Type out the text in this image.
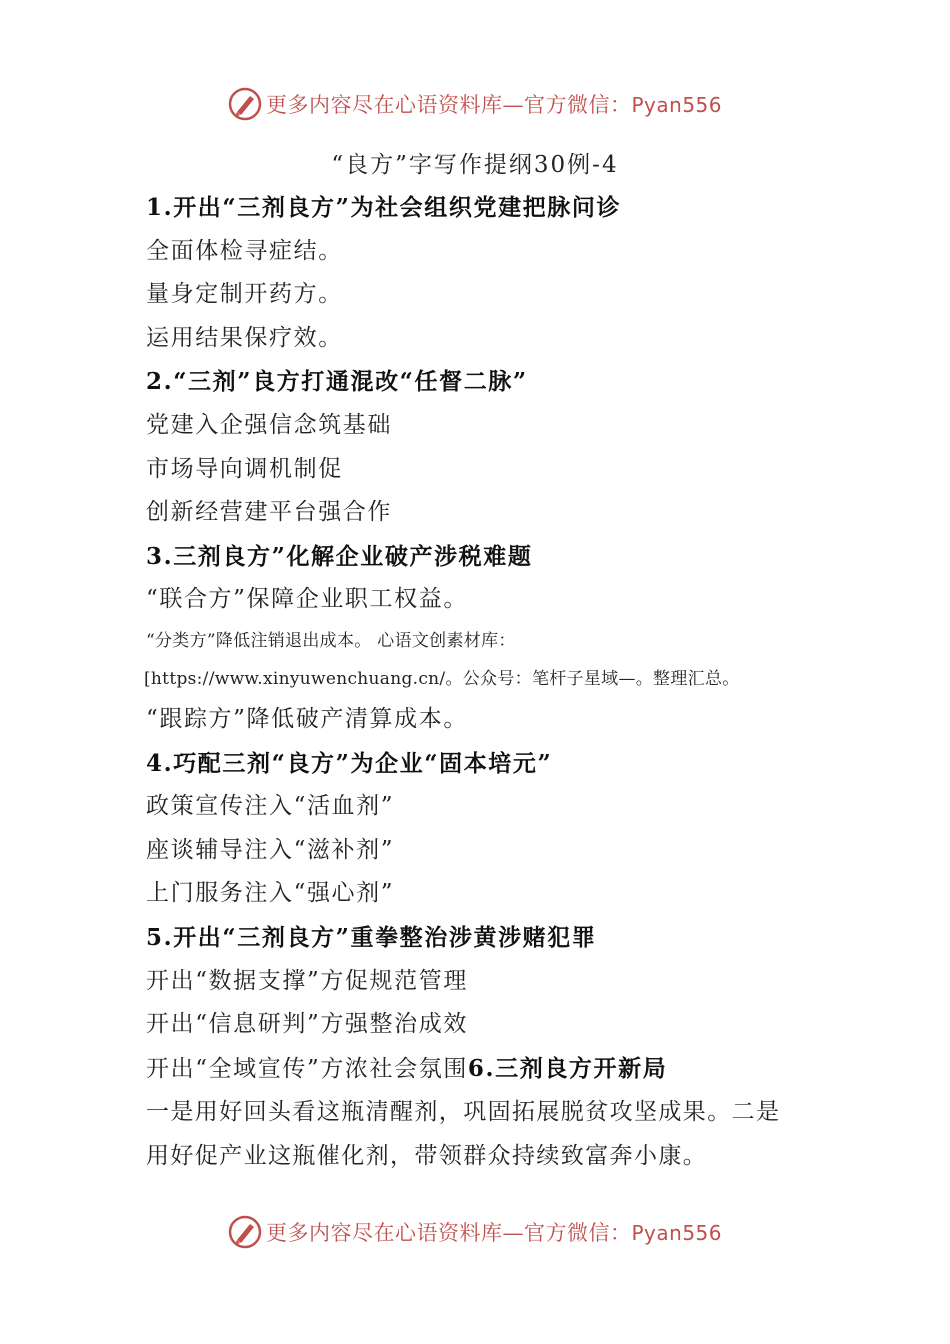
更多内容尽在心语资料库—官方微信：Pyan556
“良方”字写作提纲30例-4
1.开出“三剂良方”为社会组织党建把脉问诊
全面体检寻症结。
量身定制开药方。
运用结果保疗效。
2.“三剂”良方打通混改“任督二脉”
党建入企强信念筑基础
市场导向调机制促
创新经营建平台强合作
3.三剂良方”化解企业破产涉税难题
“联合方”保障企业职工权益。
“分类方”降低注销退出成本。 心语文创素材库：
[https://www.xinyuwenchuang.cn/。公众号：笔杆子星域—。整理汇总。
“跟踪方”降低破产清算成本。
4.巧配三剂“良方”为企业“固本培元”
政策宣传注入“活血剂”
座谈辅导注入“滋补剂”
上门服务注入“强心剂”
5.开出“三剂良方”重拳整治涉黄涉赌犯罪
开出“数据支撑”方促规范管理
开出“信息研判”方强整治成效
开出“全域宣传”方浓社会氛围6.三剂良方开新局
一是用好回头看这瓶清醒剂，巩固拓展脱贫攻坚成果。二是用好促产业这瓶催化剂，带领群众持续致富奔小康。
更多内容尽在心语资料库—官方微信：Pyan556
